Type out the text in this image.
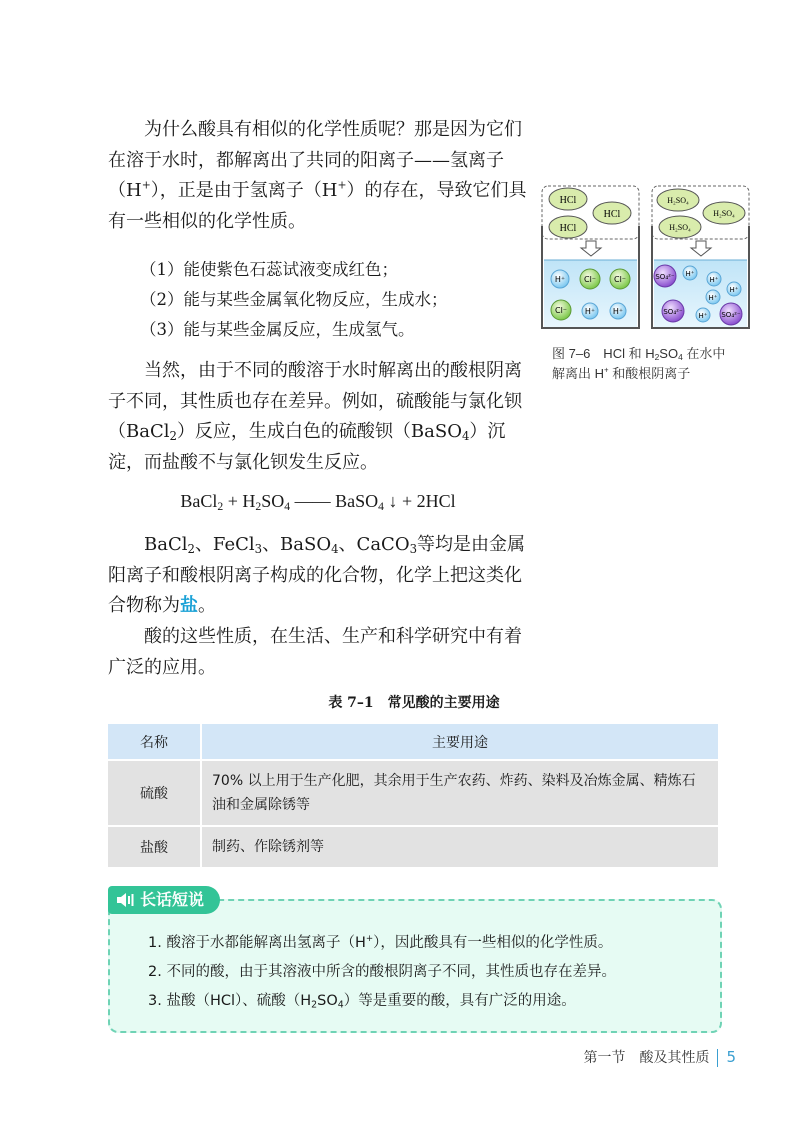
为什么酸具有相似的化学性质呢？那是因为它们在溶于水时，都解离出了共同的阳离子——氢离子（H+），正是由于氢离子（H+）的存在，导致它们具有一些相似的化学性质。

（1）能使紫色石蕊试液变成红色；
（2）能与某些金属氧化物反应，生成水；
（3）能与某些金属反应，生成氢气。

当然，由于不同的酸溶于水时解离出的酸根阴离子不同，其性质也存在差异。例如，硫酸能与氯化钡（BaCl$_2$）反应，生成白色的硫酸钡（BaSO$_4$）沉淀，而盐酸不与氯化钡发生反应。

BaCl$_2$ + $H_2SO_4$ —— BaSO$_4$ ↓ + 2HCl

BaCl$_2$、FeCl$_3$、BaSO$_4$、CaCO$_3$等均是由金属阳离子和酸根阴离子构成的化合物，化学上把这类化合物称为盐。

酸的这些性质，在生活、生产和科学研究中有着广泛的应用。

HCl
HCl
HCl
H⁺ Cl⁻ Cl⁻
Cl⁻ H⁺ H⁺
H₂SO₄
H₂SO₄
H₂SO₄
SO₄²⁻ H⁺
H⁺
H⁺
H⁺
SO₄²⁻ H⁺ SO₄²⁻
图 7–6　HCl 和 $H_2SO_4$ 在水中
解离出 H+ 和酸根阴离子
表 7–1　常见酸的主要用途
名称	主要用途
硫酸	70% 以上用于生产化肥，其余用于生产农药、炸药、染料及冶炼金属、精炼石油和金属除锈等
盐酸	制药、作除锈剂等
长话短说
1. 酸溶于水都能解离出氢离子（H+），因此酸具有一些相似的化学性质。
2. 不同的酸，由于其溶液中所含的酸根阴离子不同，其性质也存在差异。
3. 盐酸（HCl）、硫酸$(H_2SO_4)$等是重要的酸，具有广泛的用途。
第一节　酸及其性质 5
